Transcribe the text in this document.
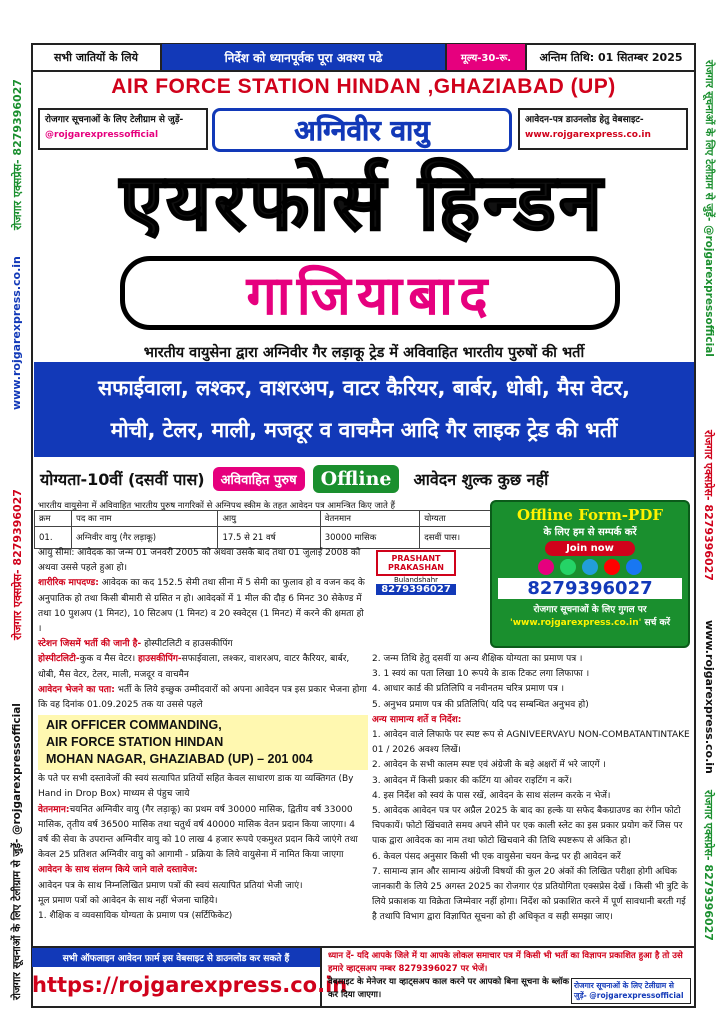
रोजगार एक्सप्रेस- 8279396027
www.rojgarexpress.co.in
रोजगार एक्सप्रेस- 8279396027
रोजगार सूचनाओं के लिए टेलीग्राम से जुड़ें- @rojgarexpressofficial
रोजगार सूचनाओं के लिए टेलीग्राम से जुड़ें- @rojgarexpressofficial
रोजगार एक्सप्रेस- 8279396027
www.rojgarexpress.co.in
रोजगार एक्सप्रेस- 8279396027
सभी जातियों के लिये	निर्देश को ध्यानपूर्वक पूरा अवश्य पढे	मूल्य-30-रू.	अन्तिम तिथि: 01 सितम्बर 2025
AIR FORCE STATION HINDAN ,GHAZIABAD (UP)
रोजगार सूचनाओं के लिए टेलीग्राम से जुड़ें- @rojgarexpressofficial	अग्निवीर वायु	आवेदन-पत्र डाउनलोड हेतु वेबसाइट- www.rojgarexpress.co.in
एयरफोर्स हिन्डन
गाजियाबाद
भारतीय वायुसेना द्वारा अग्निवीर गैर लड़ाकू ट्रेड में अविवाहित भारतीय पुरुषों की भर्ती
सफाईवाला, लश्कर, वाशरअप, वाटर कैरियर, बार्बर, धोबी, मैस वेटर,
मोची, टेलर, माली, मजदूर व वाचमैन आदि गैर लाइक ट्रेड की भर्ती
योग्यता-10वीं (दसवीं पास)	अविवाहित पुरुष	Offline	आवेदन शुल्क कुछ नहीं
भारतीय वायुसेना में अविवाहित भारतीय पुरुष नागरिकों से अग्निपथ स्कीम के तहत आवेदन पत्र आमन्त्रित किए जाते हैं
क्रम	पद का नाम	आयु	वेतनमान	योग्यता
01.	अग्निवीर वायु (गैर लड़ाकू)	17.5 से 21 वर्ष	30000 मासिक	दसवीं पास।
Offline Form-PDF
के लिए हम से सम्पर्क करें
Join now
8279396027
रोजगार सूचनाओं के लिए गुगल पर
'www.rojgarexpress.co.in' सर्च करें
PRASHANT PRAKASHAN
Bulandshahr
8279396027
आयु सीमा: आवेदक का जन्म 01 जनवरी 2005 को अथवा उसके बाद तथा 01 जुलाई 2008 को अथवा उससे पहले हुआ हो।
शारीरिक मापदण्ड: आवेदक का कद 152.5 सेमी तथा सीना में 5 सेमी का फुलाव हो व वजन कद के अनुपातिक हो तथा किसी बीमारी से ग्रसित न हो। आवेदकों में 1 मील की दौड़ 6 मिनट 30 सेकेण्ड में तथा 10 पुशअप (1 मिनट), 10 सिटअप (1 मिनट) व 20 स्क्वेट्स (1 मिनट) में करने की क्षमता हो ।
स्टेशन जिसमें भर्ती की जानी है- होस्पीटलिटी व हाउसकीपिंग
होस्पीटलिटी-कुक व मैस वेटर। हाउसकीपिंग-सफाईवाला, लश्कर, वाशरअप, वाटर कैरियर, बार्बर, धोबी, मैस वेटर, टेलर, माली, मजदूर व वाचमैन
आवेदन भेजने का पता: भर्ती के लिये इच्छुक उम्मीदवारों को अपना आवेदन पत्र इस प्रकार भेजना होगा कि वह दिनांक 01.09.2025 तक या उससे पहले
AIR OFFICER COMMANDING,
AIR FORCE STATION HINDAN
MOHAN NAGAR, GHAZIABAD (UP) – 201 004
के पते पर सभी दस्तावेजों की स्वयं सत्यापित प्रतियों सहित केवल साधारण डाक या व्यक्तिगत (By Hand in Drop Box) माध्यम से पंहुच जाये
वेतनमान:चयनित अग्निवीर वायु (गैर लड़ाकू) का प्रथम वर्ष 30000 मासिक, द्वितीय वर्ष 33000 मासिक, तृतीय वर्ष 36500 मासिक तथा चतुर्थ वर्ष 40000 मासिक वेतन प्रदान किया जाएगा। 4 वर्ष की सेवा के उपरान्त अग्निवीर वायु को 10 लाख 4 हजार रूपये एकमुश्त प्रदान किये जाएंगे तथा केवल 25 प्रतिशत अग्निवीर वायु को आगामी - प्रक्रिया के लिये वायुसेना में नामित किया जाएगा
आवेदन के साथ संलग्न किये जाने वाले दस्तावेज:
आवेदन पत्र के साथ निम्नलिखित प्रमाण पत्रों की स्वयं सत्यापित प्रतियां भेजी जाएं।
मूल प्रमाण पत्रों को आवेदन के साथ नहीं भेजना चाहिये।
1. शैक्षिक व व्यवसायिक योग्यता के प्रमाण पत्र (सर्टिफिकेट)
2. जन्म तिथि हेतु दसवीं या अन्य शैक्षिक योग्यता का प्रमाण पत्र ।
3. 1 स्वयं का पता लिखा 10 रूपये के डाक टिकट लगा लिफाफा ।
4. आधार कार्ड की प्रतिलिपि व नवीनतम चरित्र प्रमाण पत्र ।
5. अनुभव प्रमाण पत्र की प्रतिलिपि( यदि पद सम्बन्धित अनुभव हो)
अन्य सामान्य शर्ते व निर्देश:
1. आवेदन वाले लिफाफे पर स्पष्ट रूप से AGNIVEERVAYU NON-COMBATANTINTAKE 01 / 2026 अवश्य लिखें।
2. आवेदन के सभी कालम स्पष्ट एवं अंग्रेजी के बड़े अक्षरों में भरे जाएगें ।
3. आवेदन में किसी प्रकार की कटिंग या ओवर राइटिंग न करें।
4. इस निर्देश को स्वयं के पास रखें, आवेदन के साथ संलग्न करके न भेजें।
5. आवेदक आवेदन पत्र पर अप्रैल 2025 के बाद का हल्के या सफेद बैकग्राउण्ड का रंगीन फोटो चिपकायें। फोटो खिंचवाते समय अपने सीने पर एक काली स्लेट का इस प्रकार प्रयोग करें जिस पर पाक द्वारा आवेदक का नाम तथा फोटो खिचवाने की तिथि स्पष्टरूप से अंकित हो।
6. केवल पंसद अनुसार किसी भी एक वायुसेना चयन केन्द्र पर ही आवेदन करें
7. सामान्य ज्ञान और सामान्य अंग्रेजी विषयों की कुल 20 अंकों की लिखित परीक्षा होगी अधिक जानकारी के लिये 25 अगस्त 2025 का रोजगार एंड प्रतियोगिता एक्सप्रेस देखें । किसी भी त्रुटि के लिये प्रकाशक या विक्रेता जिम्मेवार नहीं होगा। निर्देश को प्रकाशित करने में पूर्ण सावधानी बरती गई है तथापि विभाग द्वारा विज्ञापित सूचना को ही अधिकृत व सही समझा जाए।
सभी ऑफलाइन आवेदन फ़ार्म इस वेबसाइट से डाउनलोड कर सकते हैं
https://rojgarexpress.co.in
ध्यान दें- यदि आपके जिले में या आपके लोकल समाचार पत्र में किसी भी भर्ती का विज्ञापन प्रकाशित हुआ है तो उसे हमारे व्हाट्सअप नम्बर 8279396027 पर भेजें।
वेबसाइट के मेनेजर या व्हाट्सअप काल करने पर आपको बिना सूचना के ब्लॉक कर दिया जाएगा।
रोजगार सूचनाओं के लिए टेलीग्राम से जुड़ें- @rojgarexpressofficial
